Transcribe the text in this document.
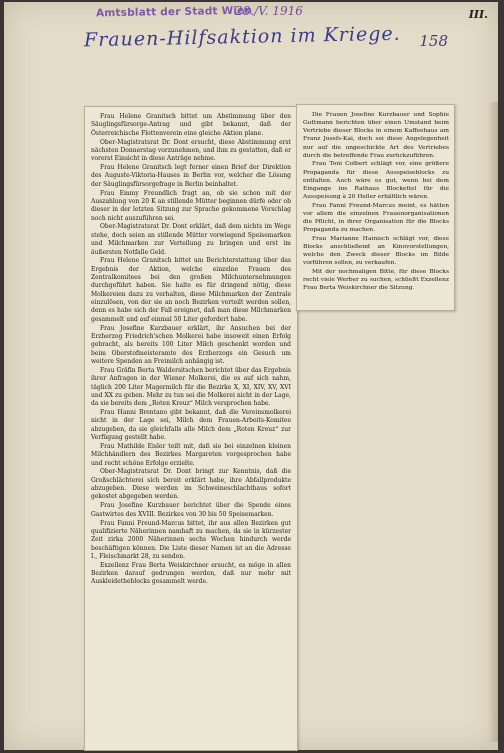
Amtsblatt der Stadt Wien
28./V. 1916	III.
Frauen-Hilfsaktion im Kriege. 158

Frau Helene Granitsch bittet um Abstimmung über den Säuglingsfürsorge-Antrag und gibt bekannt, daß der Österreichische Flottenverein eine gleiche Aktion plane.

Ober-Magistratsrat Dr. Dont ersucht, diese Abstimmung erst nächsten Donnerstag vorzunehmen, und ihm zu gestatten, daß er vorerst Einsicht in diese Anträge nehme.

Frau Helene Granitsch legt ferner einen Brief der Direktion des Auguste-Viktoria-Hauses in Berlin vor, welcher die Lösung der Säuglingsfürsorgefrage in Berlin beinhaltet.

Frau Emmy Freundlich fragt an, ob sie schon mit der Auszahlung von 20 K an stillende Mütter beginnen dürfe oder ob dieser in der letzten Sitzung zur Sprache gekommene Vorschlag noch nicht auszuführen sei.

Ober-Magistratsrat Dr. Dont erklärt, daß dem nichts im Wege stehe, doch seien an stillende Mütter vorwiegend Speisemarken und Milchmarken zur Verteilung zu bringen und erst im äußersten Notfalle Geld.

Frau Helene Granitsch bittet um Berichterstattung über das Ergebnis der Aktion, welche einzelne Frauen des Zentralkomitees bei den großen Milchunternehmungen durchgeführt haben. Sie halte es für dringend nötig, diese Molkereien dazu zu verhalten, diese Milchmarken der Zentrale einzulösen, von der sie an noch Bezirken verteilt werden sollen, denn es habe sich der Fall ereignet, daß man diese Milchmarken gesammelt und auf einmal 50 Liter gefordert habe.

Frau Josefine Kurzbauer erklärt, ihr Ansuchen bei der Erzherzog Friedrich'schen Molkerei habe insoweit einen Erfolg gebracht, als bereits 100 Liter Milch geschenkt worden und beim Oberstofmeisteramte des Erzherzogs ein Gesuch um weitere Spenden an Freimilch anhängig ist.

Frau Gräfin Berta Waldersitschen berichtet über das Ergebnis ihrer Anfragen in der Wiener Molkerei, die es auf sich nahm, täglich 200 Liter Magermilch für die Bezirke X, XI, XIV, XV, XVI und XX zu geben. Mehr zu tun sei die Molkerei nicht in der Lage, da sie bereits dem „Roten Kreuz“ Milch versprochen habe.

Frau Hanni Brentano gibt bekannt, daß die Vereinsmolkerei nicht in der Lage sei, Milch dem Frauen-Arbeits-Komitee abzugeben, da sie gleichfalls alle Milch dem „Roten Kreuz“ zur Verfügung gestellt habe.

Frau Mathilde Eisler teilt mit, daß sie bei einzelnen kleinen Milchhändlern des Bezirkes Margareten vorgesprochen habe und recht schöne Erfolge erzielte.

Ober-Magistratsrat Dr. Dont bringt zur Kenntnis, daß die Großschlächterei sich bereit erklärt habe, ihre Abfallprodukte abzugeben. Diese werden im Schweineschlachthaus sofort gekostet abgegeben werden.

Frau Josefine Kurzbauer berichtet über die Spende eines Gastwirtes des XVIII. Bezirkes von 30 bis 50 Speisemarken.

Frau Fanni Freund-Marcus bittet, ihr aus allen Bezirken gut qualifizierte Näherinnen namhaft zu machen, da sie in kürzester Zeit zirka 2000 Näherinnen sechs Wochen hindurch werde beschäftigen können. Die Liste dieser Namen ist an die Adresse I., Fleischmarkt 28, zu senden.

Exzellenz Frau Berta Weiskirchner ersucht, es möge in allen Bezirken darauf gedrungen werden, daß nur mehr mit Auskleidetheblocks gesammelt werde.

Die Frauen Josefine Kurzbauer und Sophie Guttmann berichten über einen Umstand beim Vertriebe dieser Blocks in einem Kaffeehaus am Franz Josefs-Kai, doch sei diese Angelegenheit nur auf die ungeschickte Art des Vertriebes durch die betreffende Frau zurückzuführen.

Frau Toni Colbert schlägt vor, eine größere Propaganda für diese Ausspeiseblocks zu entfalten. Auch wäre es gut, wenn bei dem Eingange ins Rathaus Blockettel für die Ausspeisung à 20 Heller erhältlich wären.

Frau Fanni Freund-Marcus meint, es hätten vor allem die einzelnen Frauenorganisationen die Pflicht, in ihrer Organisation für die Blocks Propaganda zu machen.

Frau Marianne Hainisch schlägt vor, diese Blocks anschließend an Kinovorstellungen, welche den Zweck dieser Blocks im Bilde vorführen sollen, zu verkaufen.

Mit der nochmaligen Bitte, für diese Blocks recht viele Werber zu suchen, schließt Exzellenz Frau Berta Weiskirchner die Sitzung.
